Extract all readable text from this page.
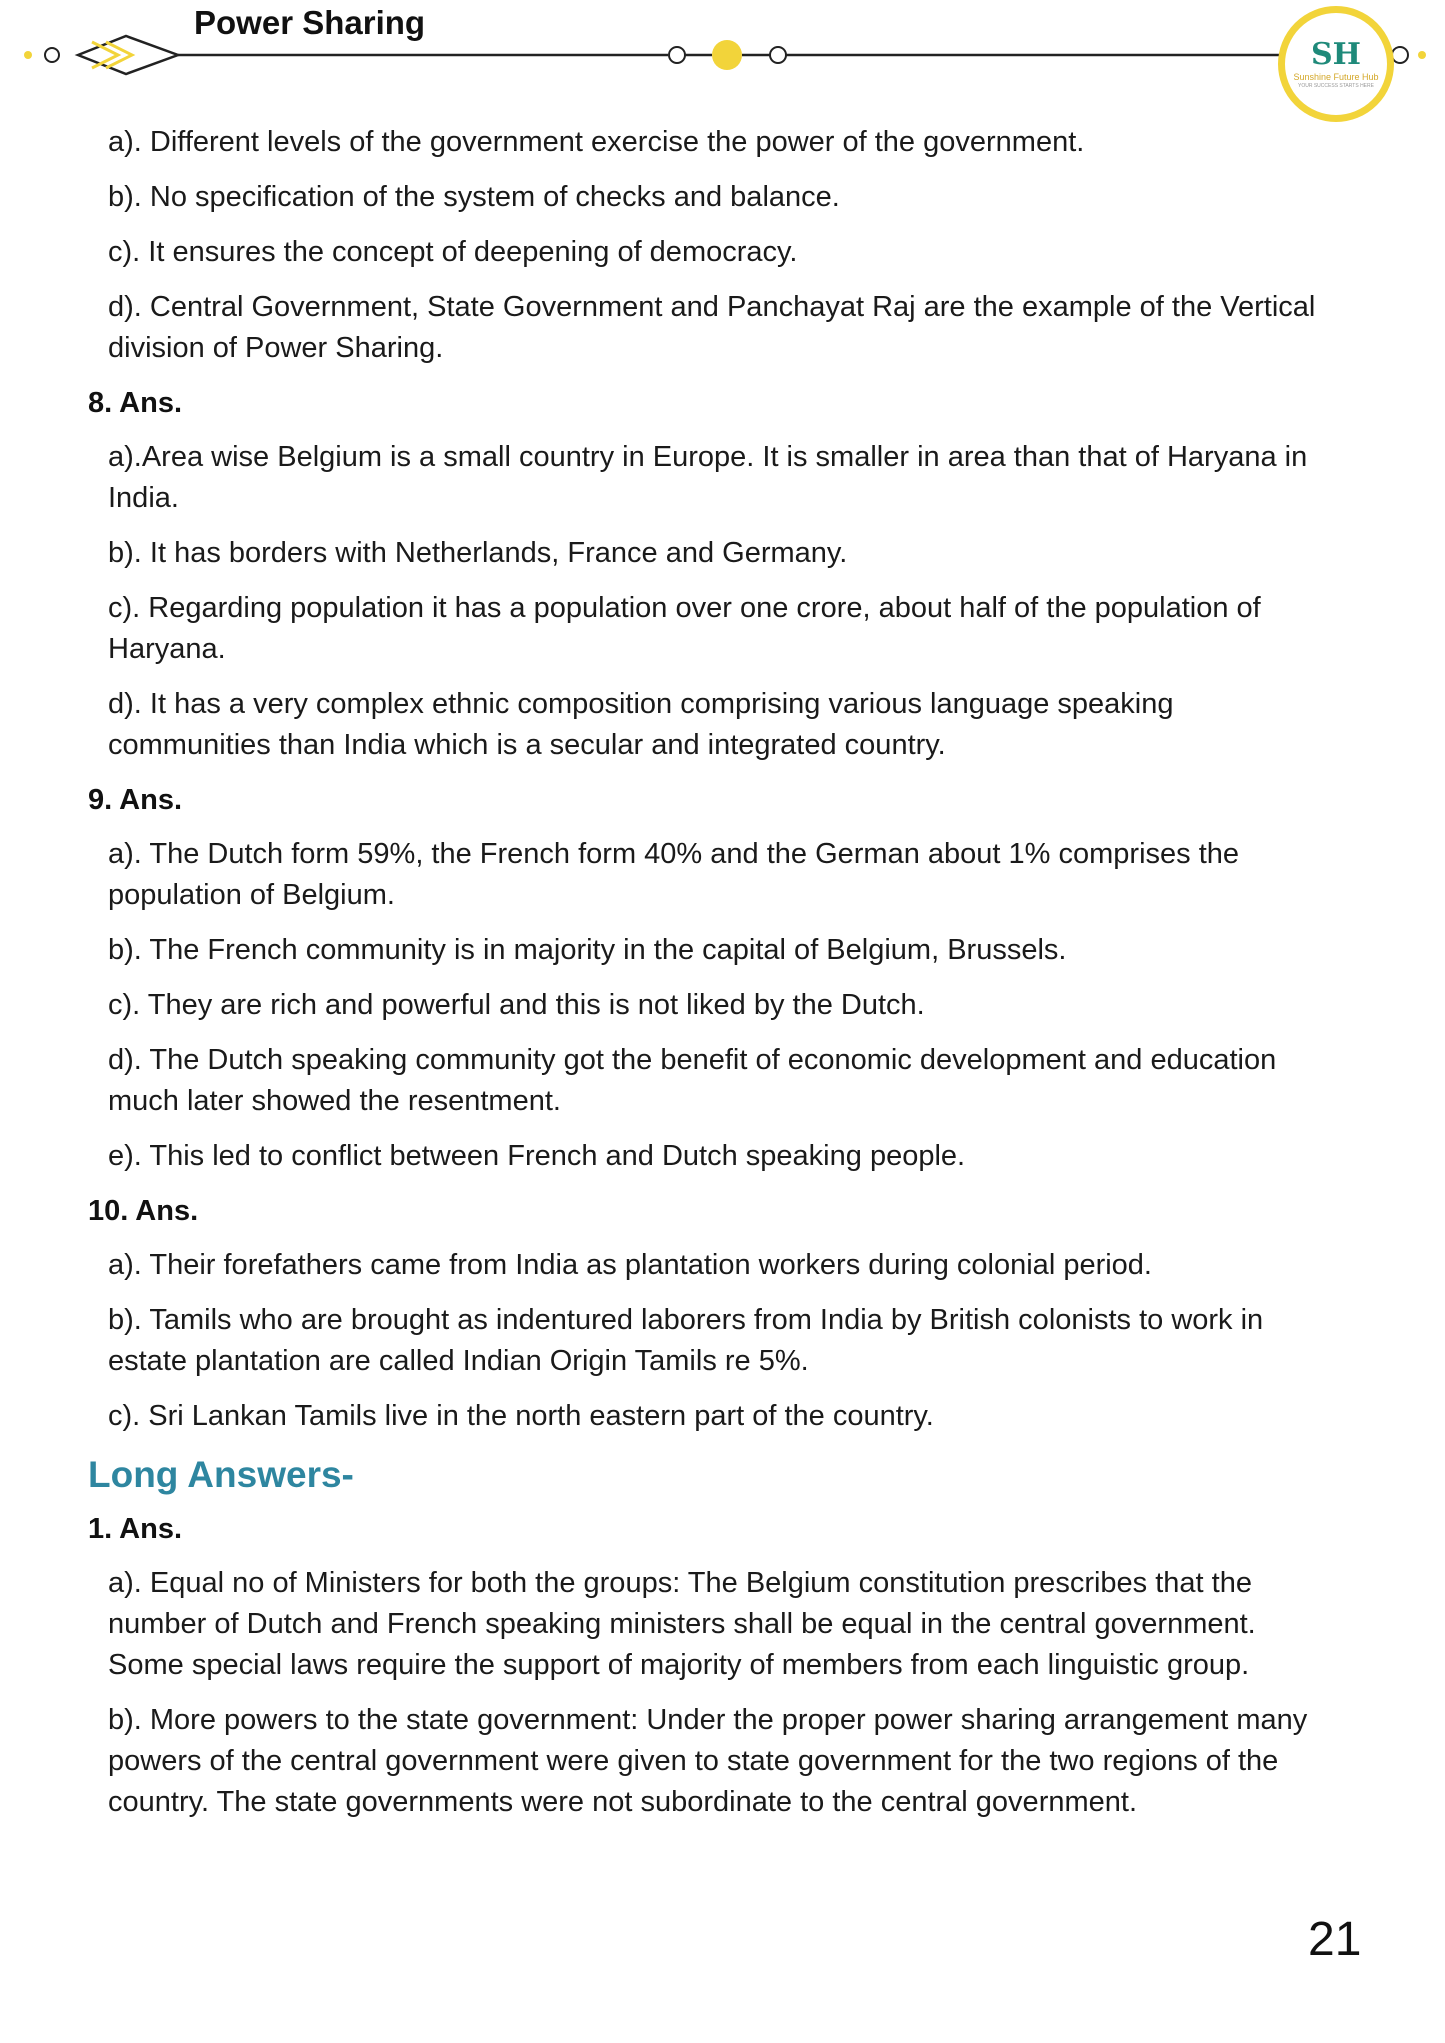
Power Sharing
SH
Sunshine Future Hub
YOUR SUCCESS STARTS HERE
a). Different levels of the government exercise the power of the government.
b). No specification of the system of checks and balance.
c). It ensures the concept of deepening of democracy.
d). Central Government, State Government and Panchayat Raj are the example of the Vertical division of Power Sharing.
8. Ans.
a).Area wise Belgium is a small country in Europe. It is smaller in area than that of Haryana in India.
b). It has borders with Netherlands, France and Germany.
c). Regarding population it has a population over one crore, about half of the population of Haryana.
d). It has a very complex ethnic composition comprising various language speaking communities than India which is a secular and integrated country.
9. Ans.
a). The Dutch form 59%, the French form 40% and the German about 1% comprises the population of Belgium.
b). The French community is in majority in the capital of Belgium, Brussels.
c). They are rich and powerful and this is not liked by the Dutch.
d). The Dutch speaking community got the benefit of economic development and education much later showed the resentment.
e). This led to conflict between French and Dutch speaking people.
10. Ans.
a). Their forefathers came from India as plantation workers during colonial period.
b). Tamils who are brought as indentured laborers from India by British colonists to work in estate plantation are called Indian Origin Tamils re 5%.
c). Sri Lankan Tamils live in the north eastern part of the country.
Long Answers-
1. Ans.
a). Equal no of Ministers for both the groups: The Belgium constitution prescribes that the number of Dutch and French speaking ministers shall be equal in the central government. Some special laws require the support of majority of members from each linguistic group.
b). More powers to the state government: Under the proper power sharing arrangement many powers of the central government were given to state government for the two regions of the country. The state governments were not subordinate to the central government.
21
